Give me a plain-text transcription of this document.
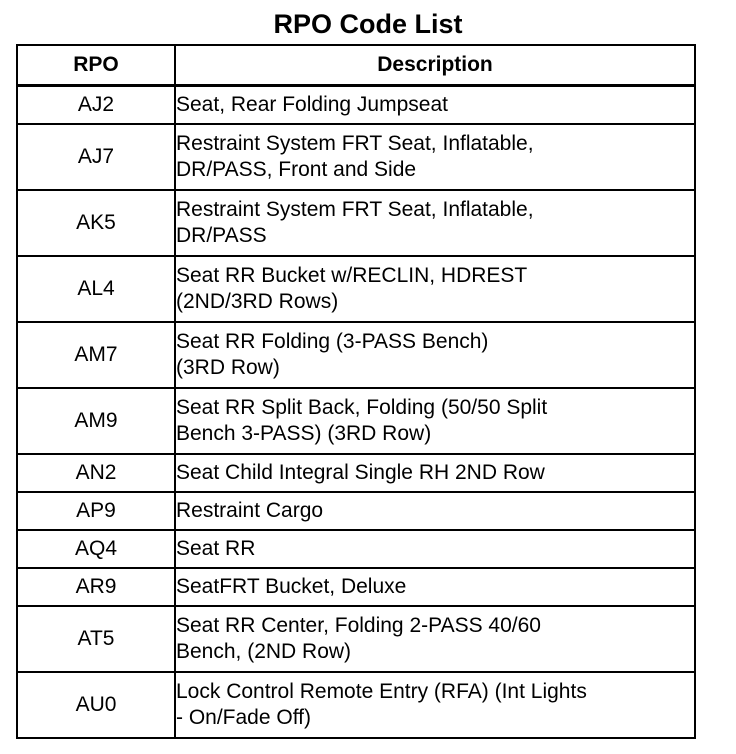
RPO Code List
RPO	Description
AJ2	Seat, Rear Folding Jumpseat

AJ7	Restraint System FRT Seat, Inflatable,
DR/PASS, Front and Side

AK5	Restraint System FRT Seat, Inflatable,
DR/PASS

AL4	Seat RR Bucket w/RECLIN, HDREST
(2ND/3RD Rows)

AM7	Seat RR Folding (3-PASS Bench)
(3RD Row)

AM9	Seat RR Split Back, Folding (50/50 Split
Bench 3-PASS) (3RD Row)

AN2	Seat Child Integral Single RH 2ND Row

AP9	Restraint Cargo

AQ4	Seat RR

AR9	SeatFRT Bucket, Deluxe

AT5	Seat RR Center, Folding 2-PASS 40/60
Bench, (2ND Row)

AU0	Lock Control Remote Entry (RFA) (Int Lights
- On/Fade Off)
